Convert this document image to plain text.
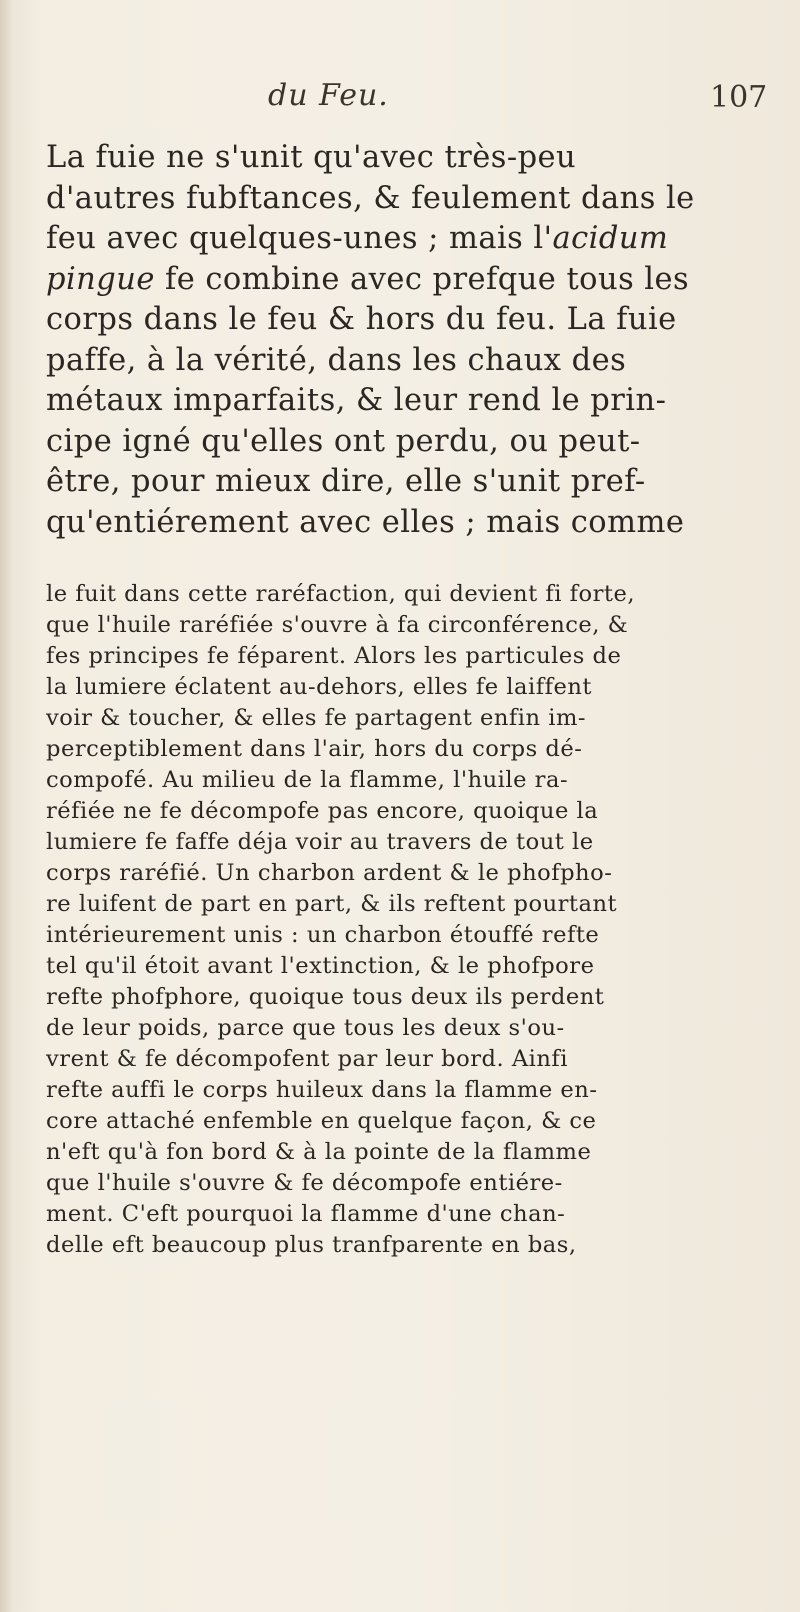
du Feu.	107
La fuie ne s'unit qu'avec très-peu
d'autres fubftances, & feulement dans le
feu avec quelques-unes ; mais l'acidum
pingue fe combine avec prefque tous les
corps dans le feu & hors du feu. La fuie
paffe, à la vérité, dans les chaux des
métaux imparfaits, & leur rend le prin-
cipe igné qu'elles ont perdu, ou peut-
être, pour mieux dire, elle s'unit pref-
qu'entiérement avec elles ; mais comme
le fuit dans cette raréfaction, qui devient fi forte,
que l'huile raréfiée s'ouvre à fa circonférence, &
fes principes fe féparent. Alors les particules de
la lumiere éclatent au-dehors, elles fe laiffent
voir & toucher, & elles fe partagent enfin im-
perceptiblement dans l'air, hors du corps dé-
compofé. Au milieu de la flamme, l'huile ra-
réfiée ne fe décompofe pas encore, quoique la
lumiere fe faffe déja voir au travers de tout le
corps raréfié. Un charbon ardent & le phofpho-
re luifent de part en part, & ils reftent pourtant
intérieurement unis : un charbon étouffé refte
tel qu'il étoit avant l'extinction, & le phofpore
refte phofphore, quoique tous deux ils perdent
de leur poids, parce que tous les deux s'ou-
vrent & fe décompofent par leur bord. Ainfi
refte auffi le corps huileux dans la flamme en-
core attaché enfemble en quelque façon, & ce
n'eft qu'à fon bord & à la pointe de la flamme
que l'huile s'ouvre & fe décompofe entiére-
ment. C'eft pourquoi la flamme d'une chan-
delle eft beaucoup plus tranfparente en bas,
